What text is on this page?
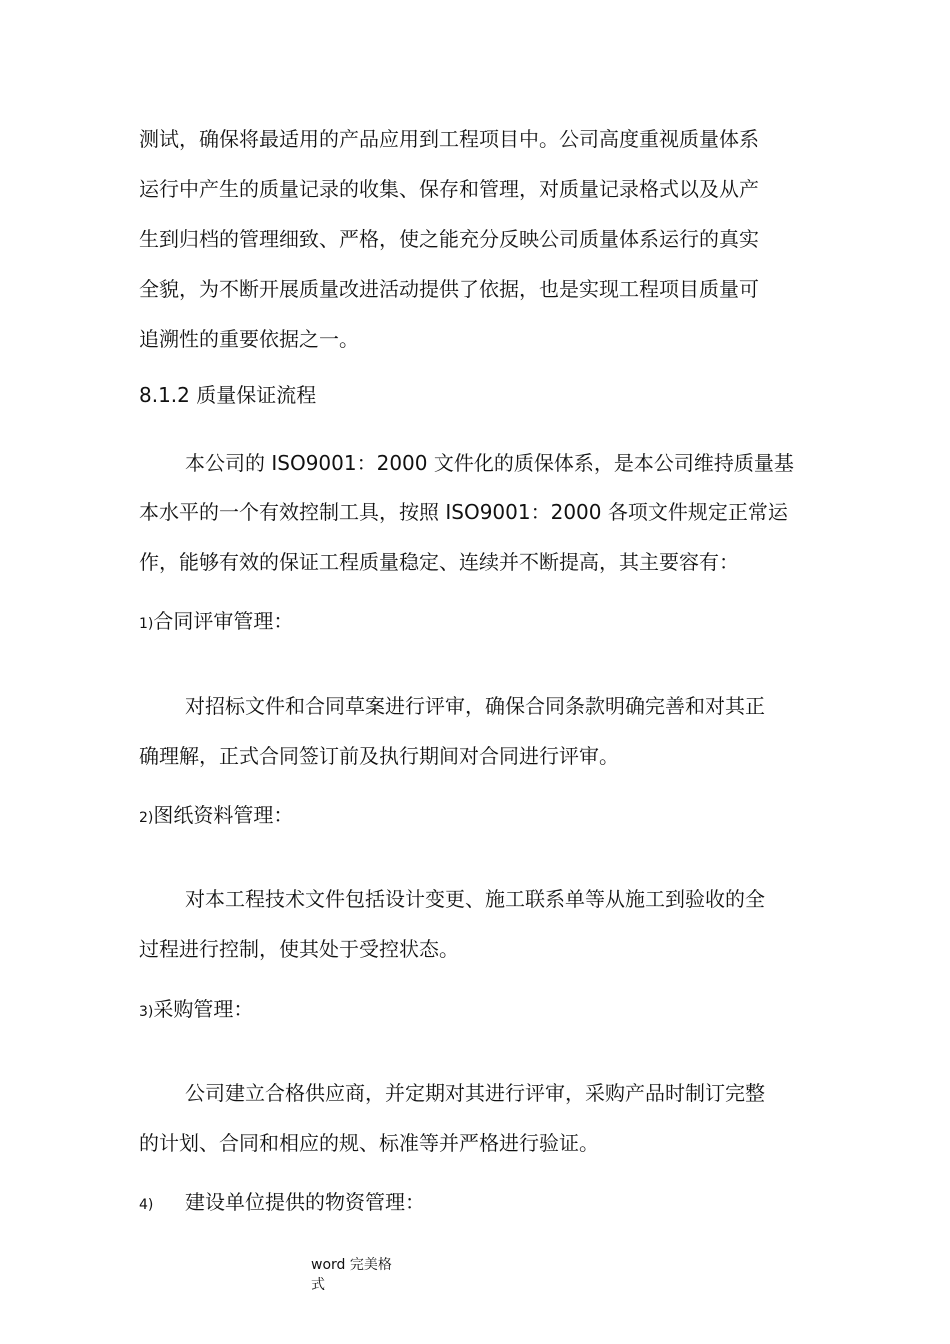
测试，确保将最适用的产品应用到工程项目中。公司高度重视质量体系
运行中产生的质量记录的收集、保存和管理，对质量记录格式以及从产
生到归档的管理细致、严格，使之能充分反映公司质量体系运行的真实
全貌，为不断开展质量改进活动提供了依据，也是实现工程项目质量可
追溯性的重要依据之一。
8.1.2 质量保证流程
本公司的 ISO9001：2000 文件化的质保体系，是本公司维持质量基
本水平的一个有效控制工具，按照 ISO9001：2000 各项文件规定正常运
作，能够有效的保证工程质量稳定、连续并不断提高，其主要容有：
1)合同评审管理：
对招标文件和合同草案进行评审，确保合同条款明确完善和对其正
确理解，正式合同签订前及执行期间对合同进行评审。
2)图纸资料管理：
对本工程技术文件包括设计变更、施工联系单等从施工到验收的全
过程进行控制，使其处于受控状态。
3)采购管理：
公司建立合格供应商，并定期对其进行评审，采购产品时制订完整
的计划、合同和相应的规、标准等并严格进行验证。
4) 建设单位提供的物资管理：
word 完美格
式
